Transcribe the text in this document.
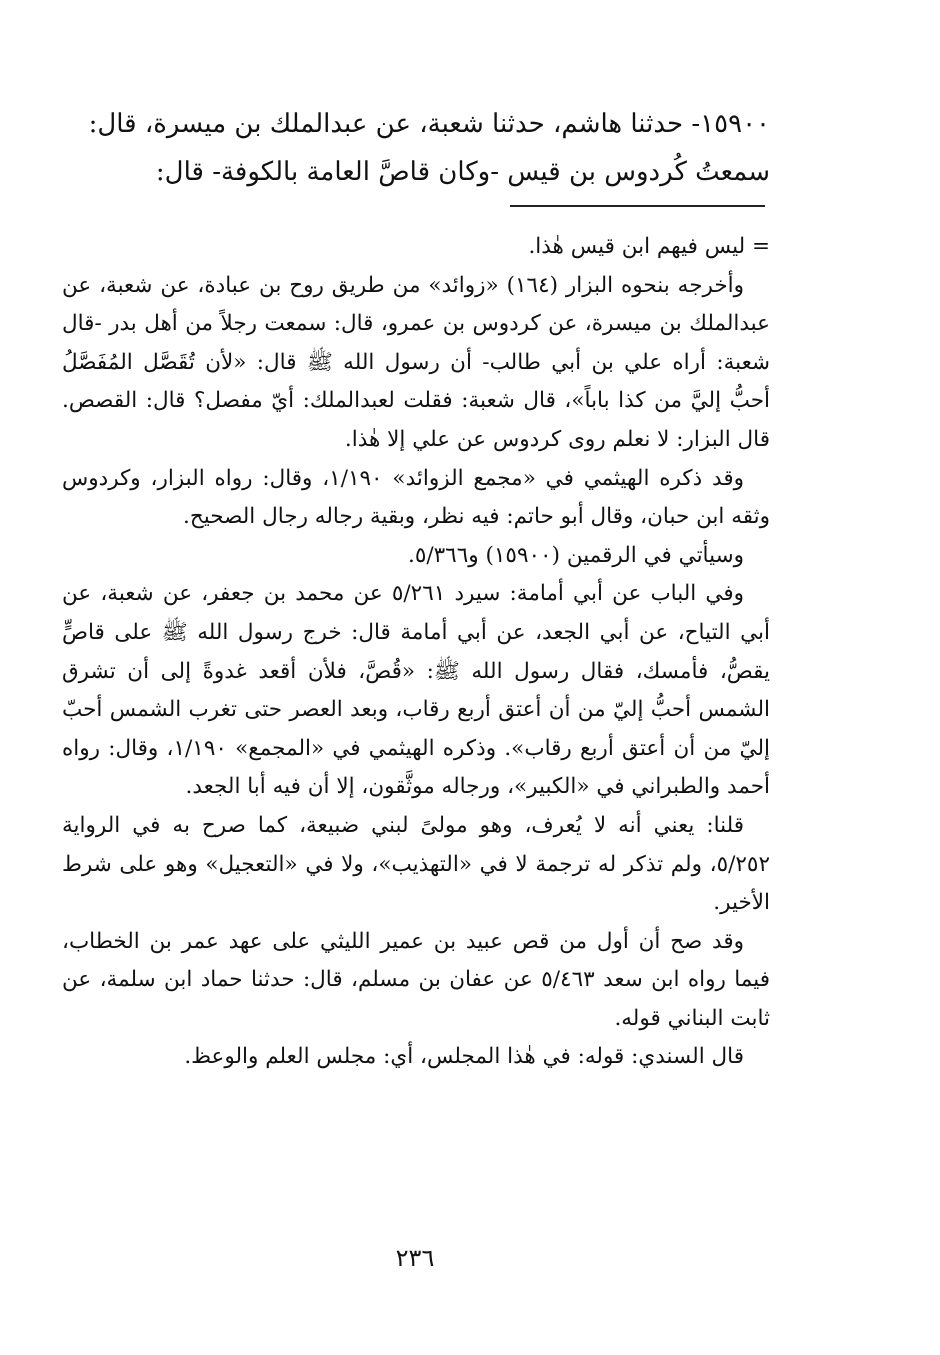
١٥٩٠٠- حدثنا هاشم، حدثنا شعبة، عن عبدالملك بن ميسرة، قال:

سمعتُ كُردوس بن قيس -وكان قاصَّ العامة بالكوفة- قال:

= ليس فيهم ابن قيس هٰذا.

وأخرجه بنحوه البزار (١٦٤) «زوائد» من طريق روح بن عبادة، عن شعبة، عن عبدالملك بن ميسرة، عن كردوس بن عمرو، قال: سمعت رجلاً من أهل بدر -قال شعبة: أراه علي بن أبي طالب- أن رسول الله ﷺ قال: «لأن تُقَصَّل المُفَصَّلُ أحبُّ إليَّ من كذا باباً»، قال شعبة: فقلت لعبدالملك: أيّ مفصل؟ قال: القصص. قال البزار: لا نعلم روى كردوس عن علي إلا هٰذا.

وقد ذكره الهيثمي في «مجمع الزوائد» ١/١٩٠، وقال: رواه البزار، وكردوس وثقه ابن حبان، وقال أبو حاتم: فيه نظر، وبقية رجاله رجال الصحيح.

وسيأتي في الرقمين (١٥٩٠٠) و٥/٣٦٦.

وفي الباب عن أبي أمامة: سيرد ٥/٢٦١ عن محمد بن جعفر، عن شعبة، عن أبي التياح، عن أبي الجعد، عن أبي أمامة قال: خرج رسول الله ﷺ على قاصٍّ يقصُّ، فأمسك، فقال رسول الله ﷺ: «قُصَّ، فلأن أقعد غدوةً إلى أن تشرق الشمس أحبُّ إليّ من أن أعتق أربع رقاب، وبعد العصر حتى تغرب الشمس أحبّ إليّ من أن أعتق أربع رقاب». وذكره الهيثمي في «المجمع» ١/١٩٠، وقال: رواه أحمد والطبراني في «الكبير»، ورجاله موثَّقون، إلا أن فيه أبا الجعد.

قلنا: يعني أنه لا يُعرف، وهو مولىً لبني ضبيعة، كما صرح به في الرواية ٥/٢٥٢، ولم تذكر له ترجمة لا في «التهذيب»، ولا في «التعجيل» وهو على شرط الأخير.

وقد صح أن أول من قص عبيد بن عمير الليثي على عهد عمر بن الخطاب، فيما رواه ابن سعد ٥/٤٦٣ عن عفان بن مسلم، قال: حدثنا حماد ابن سلمة، عن ثابت البناني قوله.

قال السندي: قوله: في هٰذا المجلس، أي: مجلس العلم والوعظ.

٢٣٦
